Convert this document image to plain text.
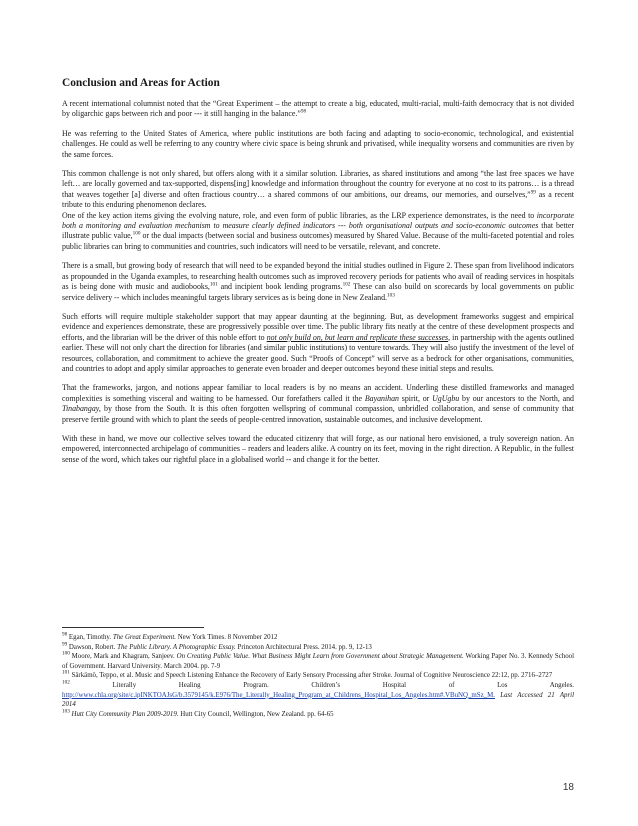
Conclusion and Areas for Action

A recent international columnist noted that the “Great Experiment – the attempt to create a big, educated, multi-racial, multi-faith democracy that is not divided by oligarchic gaps between rich and poor --- it still hanging in the balance.”$^{98}$

He was referring to the United States of America, where public institutions are both facing and adapting to socio-economic, technological, and existential challenges. He could as well be referring to any country where civic space is being shrunk and privatised, while inequality worsens and communities are riven by the same forces.

This common challenge is not only shared, but offers along with it a similar solution. Libraries, as shared institutions and among “the last free spaces we have left… are locally governed and tax-supported, dispens[ing] knowledge and information throughout the country for everyone at no cost to its patrons… is a thread that weaves together [a] diverse and often fractious country… a shared commons of our ambitions, our dreams, our memories, and ourselves,”$^{99}$ as a recent tribute to this enduring phenomenon declares.

One of the key action items giving the evolving nature, role, and even form of public libraries, as the LRP experience demonstrates, is the need to incorporate both a monitoring and evaluation mechanism to measure clearly defined indicators --- both organisational outputs and socio-economic outcomes that better illustrate public value,$^{100}$ or the dual impacts (between social and business outcomes) measured by Shared Value. Because of the multi-faceted potential and roles public libraries can bring to communities and countries, such indicators will need to be versatile, relevant, and concrete.

There is a small, but growing body of research that will need to be expanded beyond the initial studies outlined in Figure 2. These span from livelihood indicators as propounded in the Uganda examples, to researching health outcomes such as improved recovery periods for patients who avail of reading services in hospitals as is being done with music and audiobooks,$^{101}$ and incipient book lending programs.$^{102}$ These can also build on scorecards by local governments on public service delivery -- which includes meaningful targets library services as is being done in New Zealand.$^{103}$

Such efforts will require multiple stakeholder support that may appear daunting at the beginning. But, as development frameworks suggest and empirical evidence and experiences demonstrate, these are progressively possible over time. The public library fits neatly at the centre of these development prospects and efforts, and the librarian will be the driver of this noble effort to not only build on, but learn and replicate these successes, in partnership with the agents outlined earlier. These will not only chart the direction for libraries (and similar public institutions) to venture towards. They will also justify the investment of the level of resources, collaboration, and commitment to achieve the greater good. Such “Proofs of Concept” will serve as a bedrock for other organisations, communities, and countries to adopt and apply similar approaches to generate even broader and deeper outcomes beyond these initial steps and results.

That the frameworks, jargon, and notions appear familiar to local readers is by no means an accident. Underling these distilled frameworks and managed complexities is something visceral and waiting to be harnessed. Our forefathers called it the Bayanihan spirit, or UgUgbu by our ancestors to the North, and Tinabangay, by those from the South. It is this often forgotten wellspring of communal compassion, unbridled collaboration, and sense of community that preserve fertile ground with which to plant the seeds of people-centred innovation, sustainable outcomes, and inclusive development.

With these in hand, we move our collective selves toward the educated citizenry that will forge, as our national hero envisioned, a truly sovereign nation. An empowered, interconnected archipelago of communities – readers and leaders alike. A country on its feet, moving in the right direction. A Republic, in the fullest sense of the word, which takes our rightful place in a globalised world -- and change it for the better.

$^{98}$ Egan, Timothy. The Great Experiment. New York Times. 8 November 2012

$^{99}$ Dawson, Robert. The Public Library. A Photographic Essay. Princeton Architectural Press. 2014. pp. 9, 12-13

$^{100}$ Moore, Mark and Khagram, Sanjeev. On Creating Public Value. What Business Might Learn from Government about Strategic Management. Working Paper No. 3. Kennedy School of Government. Harvard University. March 2004. pp. 7-9

$^{101}$ Särkämö, Teppo, et al. Music and Speech Listening Enhance the Recovery of Early Sensory Processing after Stroke. Journal of Cognitive Neuroscience 22:12, pp. 2716–2727

$^{102}$ Literally Healing Program. Children’s Hospital of Los Angeles. http://www.chla.org/site/c.ipINKTOAJsG/b.3579145/k.E976/The_Literally_Healing_Program_at_Childrens_Hospital_Los_Angeles.htm#.VBuNQ_mSz_M. Last Accessed 21 April 2014

$^{103}$ Hutt City Community Plan 2009-2019. Hutt City Council, Wellington, New Zealand. pp. 64-65

18
